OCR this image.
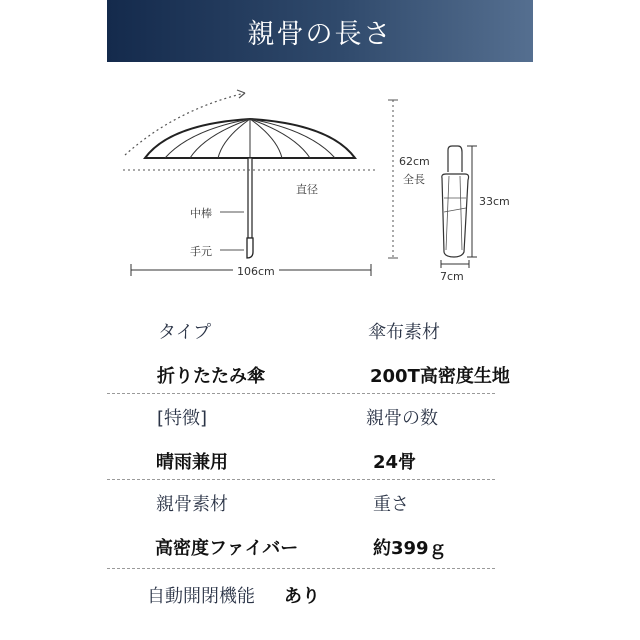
親骨の長さ
直径
中棒
手元
106cm
62cm
全長
33cm
7cm
タイプ	傘布素材
折りたたみ傘	200T高密度生地
[特徴]	親骨の数
晴雨兼用	24骨
親骨素材	重さ
高密度ファイバー	約399ｇ
自動開閉機能 あり
